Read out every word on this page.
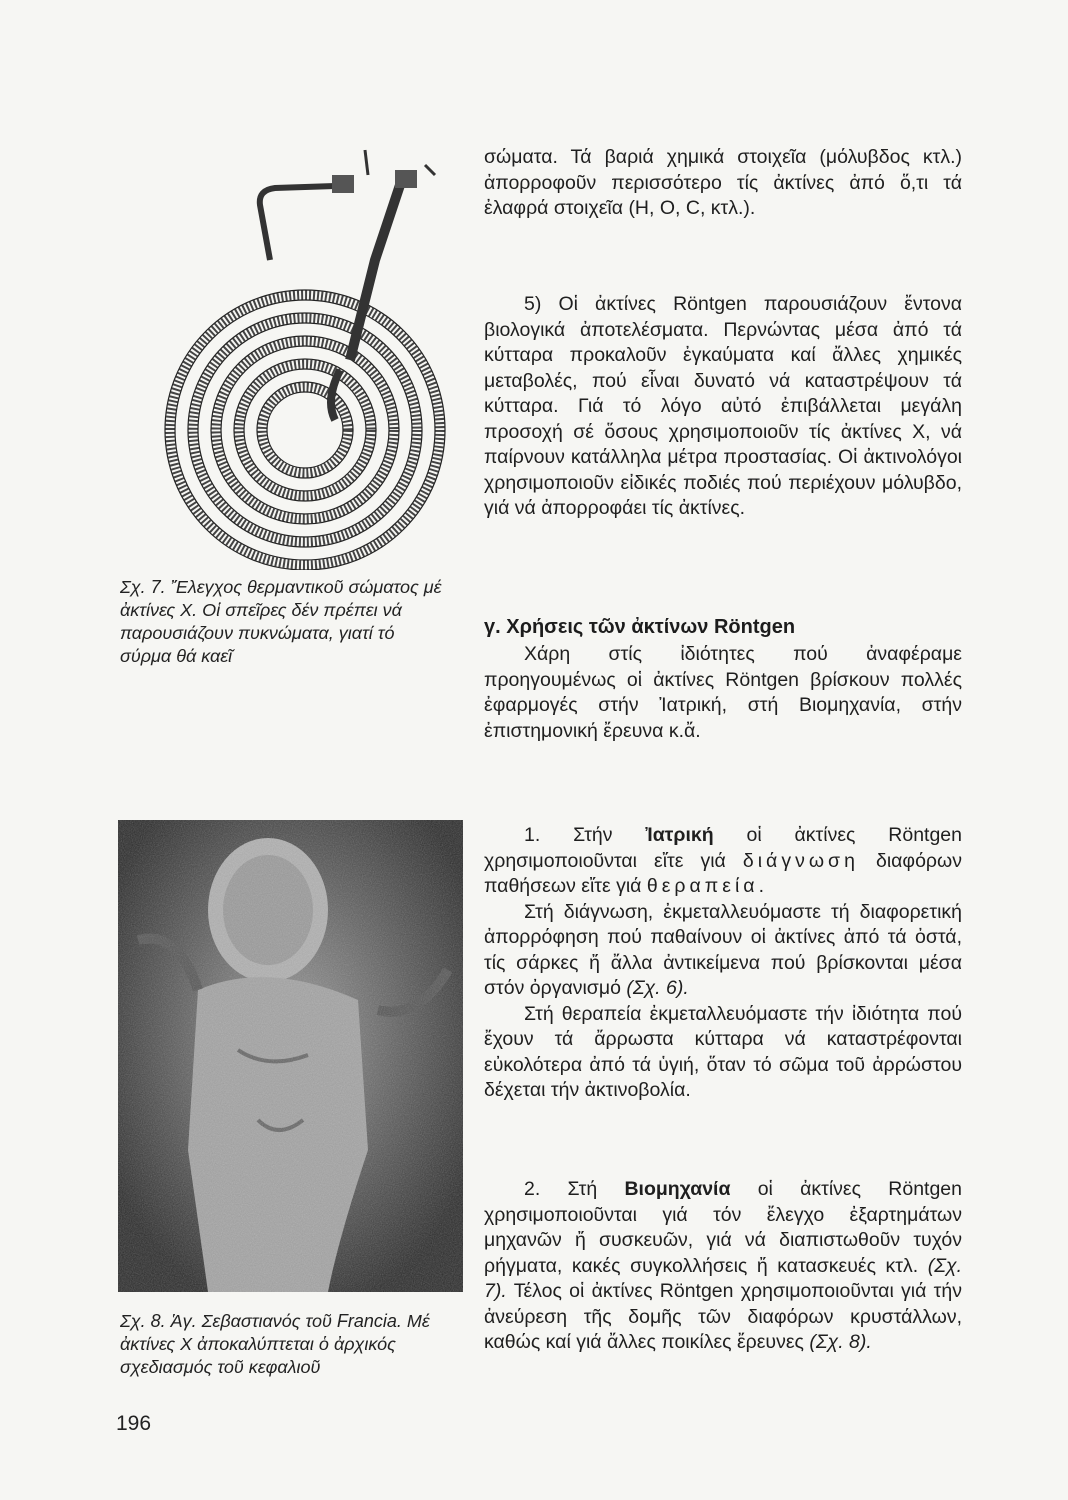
Σχ. 7. Ἔλεγχος θερμαντικοῦ σώματος μέ ἀκτίνες Χ. Οἱ σπεῖρες δέν πρέπει νά παρουσιάζουν πυκνώματα, γιατί τό σύρμα θά καεῖ
Σχ. 8. Ἁγ. Σεβαστιανός τοῦ Francia. Μέ ἀκτίνες Χ ἀποκαλύπτεται ὁ ἀρχικός σχεδιασμός τοῦ κεφαλιοῦ
196

σώματα. Τά βαριά χημικά στοιχεῖα (μόλυβδος κτλ.) ἀπορροφοῦν περισσότερο τίς ἀκτίνες ἀπό ὅ,τι τά ἐλαφρά στοιχεῖα (Η, Ο, C, κτλ.).

5) Οἱ ἀκτίνες Röntgen παρουσιάζουν ἔντονα βιολογικά ἀποτελέσματα. Περνώντας μέσα ἀπό τά κύτταρα προκαλοῦν ἐγκαύματα καί ἄλλες χημικές μεταβολές, πού εἶναι δυνατό νά καταστρέψουν τά κύτταρα. Γιά τό λόγο αὐτό ἐπιβάλλεται μεγάλη προσοχή σέ ὅσους χρησιμοποιοῦν τίς ἀκτίνες Χ, νά παίρνουν κατάλληλα μέτρα προστασίας. Οἱ ἀκτινολόγοι χρησιμοποιοῦν εἰδικές ποδιές πού περιέχουν μόλυβδο, γιά νά ἀπορροφάει τίς ἀκτίνες.

γ. Χρήσεις τῶν ἀκτίνων Röntgen

Χάρη στίς ἰδιότητες πού ἀναφέραμε προηγουμένως οἱ ἀκτίνες Röntgen βρίσκουν πολλές ἐφαρμογές στήν Ἰατρική, στή Βιομηχανία, στήν ἐπιστημονική ἔρευνα κ.ἄ.

1. Στήν Ἰατρική οἱ ἀκτίνες Röntgen χρησιμοποιοῦνται εἴτε γιά διάγνωση διαφόρων παθήσεων εἴτε γιά θεραπεία.

Στή διάγνωση, ἐκμεταλλευόμαστε τή διαφορετική ἀπορρόφηση πού παθαίνουν οἱ ἀκτίνες ἀπό τά ὀστά, τίς σάρκες ἤ ἄλλα ἀντικείμενα πού βρίσκονται μέσα στόν ὀργανισμό (Σχ. 6).

Στή θεραπεία ἐκμεταλλευόμαστε τήν ἰδιότητα πού ἔχουν τά ἄρρωστα κύτταρα νά καταστρέφονται εὐκολότερα ἀπό τά ὑγιή, ὅταν τό σῶμα τοῦ ἀρρώστου δέχεται τήν ἀκτινοβολία.

2. Στή Βιομηχανία οἱ ἀκτίνες Röntgen χρησιμοποιοῦνται γιά τόν ἔλεγχο ἐξαρτημάτων μηχανῶν ἤ συσκευῶν, γιά νά διαπιστωθοῦν τυχόν ρήγματα, κακές συγκολλήσεις ἤ κατασκευές κτλ. (Σχ. 7). Τέλος οἱ ἀκτίνες Röntgen χρησιμοποιοῦνται γιά τήν ἀνεύρεση τῆς δομῆς τῶν διαφόρων κρυστάλλων, καθώς καί γιά ἄλλες ποικίλες ἔρευνες (Σχ. 8).
